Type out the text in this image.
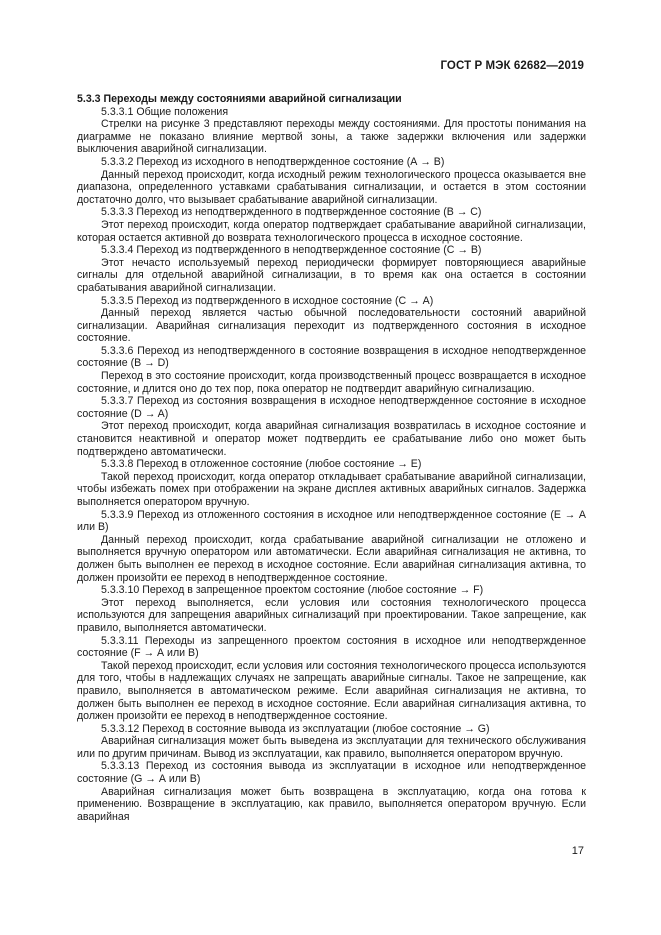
ГОСТ Р МЭК 62682—2019

5.3.3 Переходы между состояниями аварийной сигнализации

5.3.3.1 Общие положения

Стрелки на рисунке 3 представляют переходы между состояниями. Для простоты понимания на диаграмме не показано влияние мертвой зоны, а также задержки включения или задержки выключения аварийной сигнализации.

5.3.3.2 Переход из исходного в неподтвержденное состояние (А → В)

Данный переход происходит, когда исходный режим технологического процесса оказывается вне диапазона, определенного уставками срабатывания сигнализации, и остается в этом состоянии достаточно долго, что вызывает срабатывание аварийной сигнализации.

5.3.3.3 Переход из неподтвержденного в подтвержденное состояние (В → С)

Этот переход происходит, когда оператор подтверждает срабатывание аварийной сигнализации, которая остается активной до возврата технологического процесса в исходное состояние.

5.3.3.4 Переход из подтвержденного в неподтвержденное состояние (С → В)

Этот нечасто используемый переход периодически формирует повторяющиеся аварийные сигналы для отдельной аварийной сигнализации, в то время как она остается в состоянии срабатывания аварийной сигнализации.

5.3.3.5 Переход из подтвержденного в исходное состояние (С → А)

Данный переход является частью обычной последовательности состояний аварийной сигнализации. Аварийная сигнализация переходит из подтвержденного состояния в исходное состояние.

5.3.3.6 Переход из неподтвержденного в состояние возвращения в исходное неподтвержденное состояние (В → D)

Переход в это состояние происходит, когда производственный процесс возвращается в исходное состояние, и длится оно до тех пор, пока оператор не подтвердит аварийную сигнализацию.

5.3.3.7 Переход из состояния возвращения в исходное неподтвержденное состояние в исходное состояние (D → A)

Этот переход происходит, когда аварийная сигнализация возвратилась в исходное состояние и становится неактивной и оператор может подтвердить ее срабатывание либо оно может быть подтверждено автоматически.

5.3.3.8 Переход в отложенное состояние (любое состояние → Е)

Такой переход происходит, когда оператор откладывает срабатывание аварийной сигнализации, чтобы избежать помех при отображении на экране дисплея активных аварийных сигналов. Задержка выполняется оператором вручную.

5.3.3.9 Переход из отложенного состояния в исходное или неподтвержденное состояние (Е → А или В)

Данный переход происходит, когда срабатывание аварийной сигнализации не отложено и выполняется вручную оператором или автоматически. Если аварийная сигнализация не активна, то должен быть выполнен ее переход в исходное состояние. Если аварийная сигнализация активна, то должен произойти ее переход в неподтвержденное состояние.

5.3.3.10 Переход в запрещенное проектом состояние (любое состояние → F)

Этот переход выполняется, если условия или состояния технологического процесса используются для запрещения аварийных сигнализаций при проектировании. Такое запрещение, как правило, выполняется автоматически.

5.3.3.11 Переходы из запрещенного проектом состояния в исходное или неподтвержденное состояние (F → А или В)

Такой переход происходит, если условия или состояния технологического процесса используются для того, чтобы в надлежащих случаях не запрещать аварийные сигналы. Такое не запрещение, как правило, выполняется в автоматическом режиме. Если аварийная сигнализация не активна, то должен быть выполнен ее переход в исходное состояние. Если аварийная сигнализация активна, то должен произойти ее переход в неподтвержденное состояние.

5.3.3.12 Переход в состояние вывода из эксплуатации (любое состояние → G)

Аварийная сигнализация может быть выведена из эксплуатации для технического обслуживания или по другим причинам. Вывод из эксплуатации, как правило, выполняется оператором вручную.

5.3.3.13 Переход из состояния вывода из эксплуатации в исходное или неподтвержденное состояние (G → А или В)

Аварийная сигнализация может быть возвращена в эксплуатацию, когда она готова к применению. Возвращение в эксплуатацию, как правило, выполняется оператором вручную. Если аварийная

17
